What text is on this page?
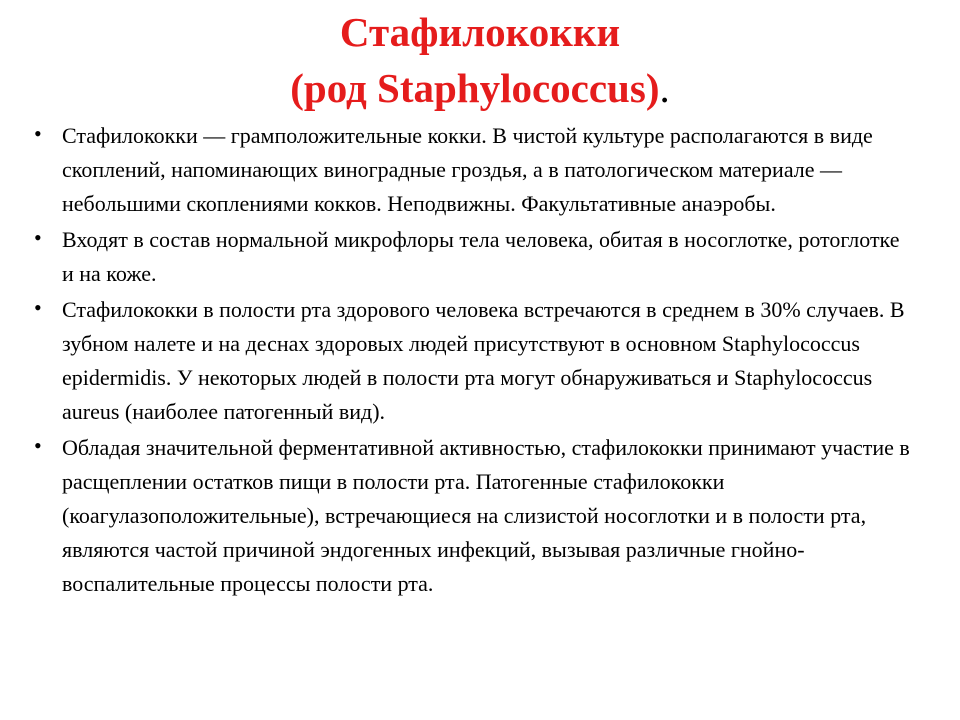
Стафилококки
(род Staphylococcus).
• Стафилококки — грамположительные кокки. В чистой культуре располагаются в виде скоплений, напоминающих виноградные гроздья, а в патологическом материале — небольшими скоплениями кокков. Неподвижны. Факультативные анаэробы.
• Входят в состав нормальной микрофлоры тела человека, обитая в носоглотке, ротоглотке и на коже.
• Стафилококки в полости рта здорового человека встречаются в среднем в 30% случаев. В зубном налете и на деснах здоровых людей присутствуют в основном Staphylococcus epidermidis. У некоторых людей в полости рта могут обнаруживаться и Staphylococcus aureus (наиболее патогенный вид).
• Обладая значительной ферментативной активностью, стафилококки принимают участие в расщеплении остатков пищи в полости рта. Патогенные стафилококки (коагулазоположительные), встречающиеся на слизистой носоглотки и в полости рта, являются частой причиной эндогенных инфекций, вызывая различные гнойно-воспалительные процессы полости рта.
